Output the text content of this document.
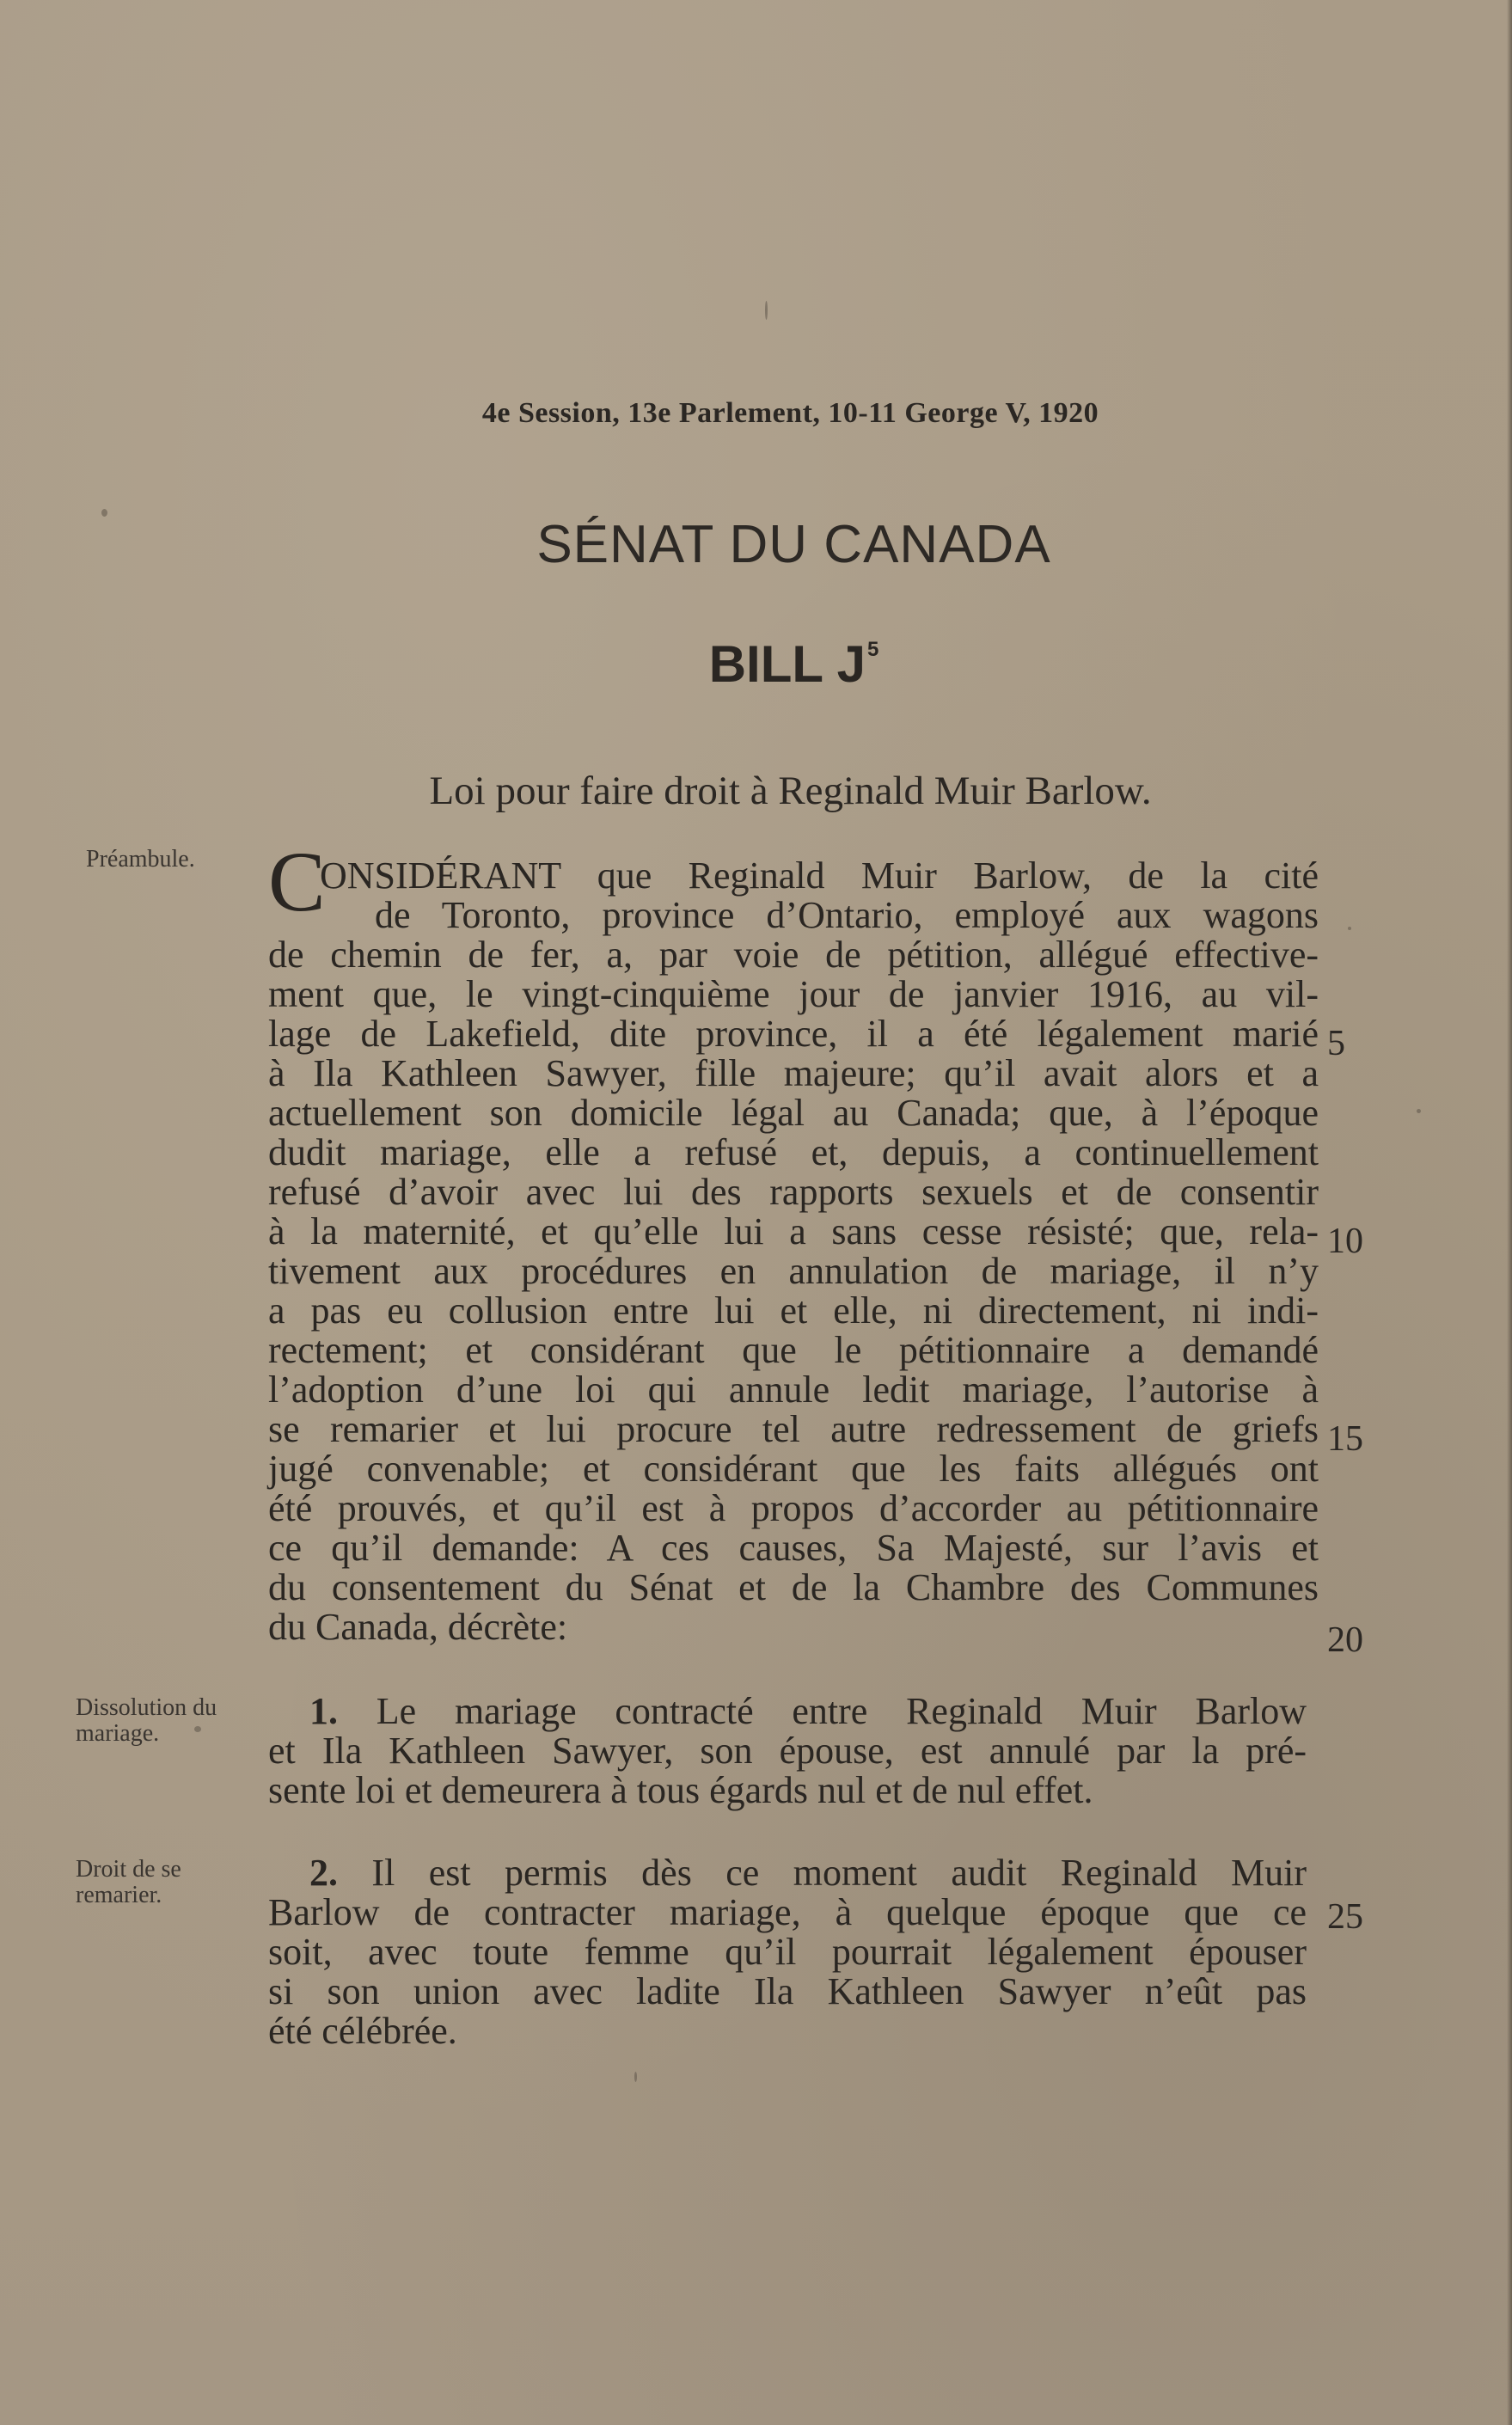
4e Session, 13e Parlement, 10-11 George V, 1920
SÉNAT DU CANADA
BILL $J^5$
Loi pour faire droit à Reginald Muir Barlow.
Préambule.
Dissolution du mariage.
Droit de se remarier.
C
ONSIDÉRANT que Reginald Muir Barlow, de la cité
de Toronto, province d’Ontario, employé aux wagons
de chemin de fer, a, par voie de pétition, allégué effective-
ment que, le vingt-cinquième jour de janvier 1916, au vil-
lage de Lakefield, dite province, il a été légalement marié
à Ila Kathleen Sawyer, fille majeure; qu’il avait alors et a
actuellement son domicile légal au Canada; que, à l’époque
dudit mariage, elle a refusé et, depuis, a continuellement
refusé d’avoir avec lui des rapports sexuels et de consentir
à la maternité, et qu’elle lui a sans cesse résisté; que, rela-
tivement aux procédures en annulation de mariage, il n’y
a pas eu collusion entre lui et elle, ni directement, ni indi-
rectement; et considérant que le pétitionnaire a demandé
l’adoption d’une loi qui annule ledit mariage, l’autorise à
se remarier et lui procure tel autre redressement de griefs
jugé convenable; et considérant que les faits allégués ont
été prouvés, et qu’il est à propos d’accorder au pétitionnaire
ce qu’il demande: A ces causes, Sa Majesté, sur l’avis et
du consentement du Sénat et de la Chambre des Communes
du Canada, décrète:
1. Le mariage contracté entre Reginald Muir Barlow
et Ila Kathleen Sawyer, son épouse, est annulé par la pré-
sente loi et demeurera à tous égards nul et de nul effet.
2. Il est permis dès ce moment audit Reginald Muir
Barlow de contracter mariage, à quelque époque que ce
soit, avec toute femme qu’il pourrait légalement épouser
si son union avec ladite Ila Kathleen Sawyer n’eût pas
été célébrée.
5
10
15
20
25
